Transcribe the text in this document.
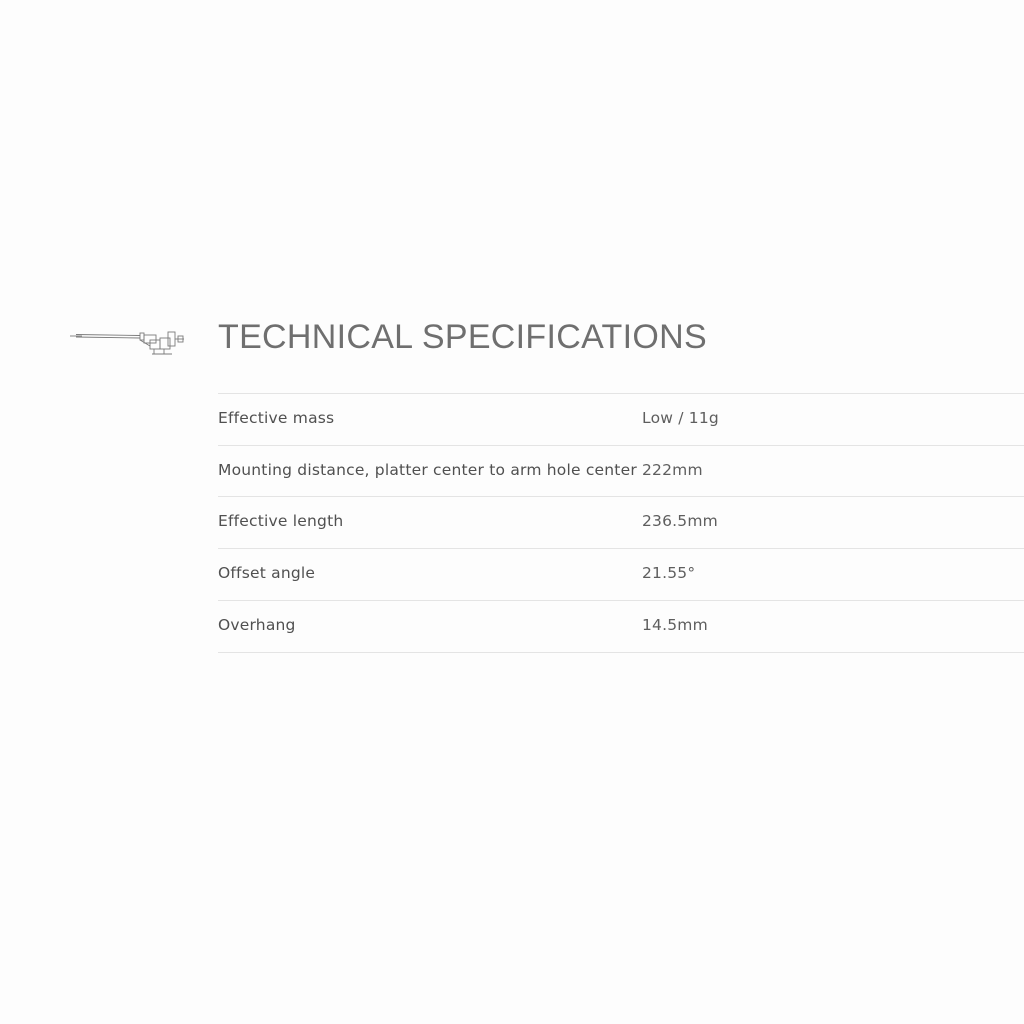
TECHNICAL SPECIFICATIONS
Effective mass	Low / 11g
Mounting distance, platter center to arm hole center 222mm
Effective length	236.5mm
Offset angle	21.55°
Overhang	14.5mm
